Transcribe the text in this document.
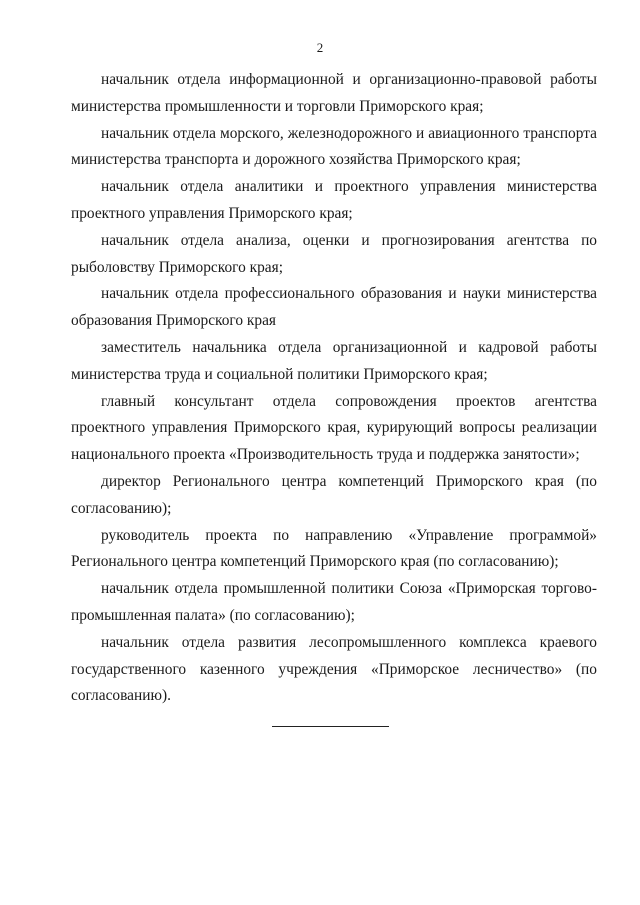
2

начальник отдела информационной и организационно-правовой работы министерства промышленности и торговли Приморского края;

начальник отдела морского, железнодорожного и авиационного транспорта министерства транспорта и дорожного хозяйства Приморского края;

начальник отдела аналитики и проектного управления министерства проектного управления Приморского края;

начальник отдела анализа, оценки и прогнозирования агентства по рыболовству Приморского края;

начальник отдела профессионального образования и науки министерства образования Приморского края

заместитель начальника отдела организационной и кадровой работы министерства труда и социальной политики Приморского края;

главный консультант отдела сопровождения проектов агентства проектного управления Приморского края, курирующий вопросы реализации национального проекта «Производительность труда и поддержка занятости»;

директор Регионального центра компетенций Приморского края (по согласованию);

руководитель проекта по направлению «Управление программой» Регионального центра компетенций Приморского края (по согласованию);

начальник отдела промышленной политики Союза «Приморская торгово-промышленная палата» (по согласованию);

начальник отдела развития лесопромышленного комплекса краевого государственного казенного учреждения «Приморское лесничество» (по согласованию).
